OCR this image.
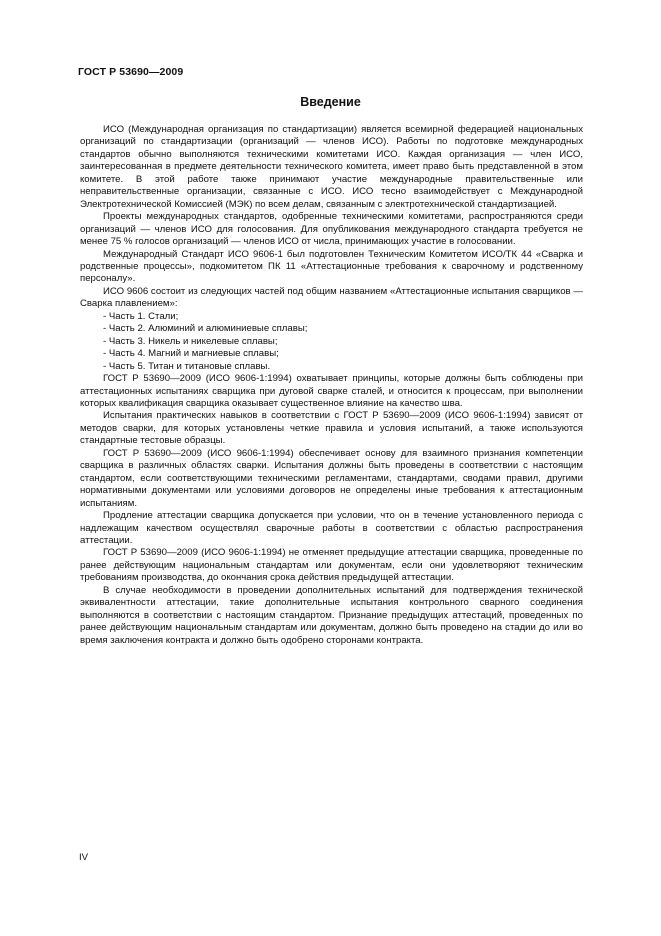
ГОСТ Р 53690—2009
Введение

ИСО (Международная организация по стандартизации) является всемирной федерацией национальных организаций по стандартизации (организаций — членов ИСО). Работы по подготовке международных стандартов обычно выполняются техническими комитетами ИСО. Каждая организация — член ИСО, заинтересованная в предмете деятельности технического комитета, имеет право быть представленной в этом комитете. В этой работе также принимают участие международные правительственные или неправительственные организации, связанные с ИСО. ИСО тесно взаимодействует с Международной Электротехнической Комиссией (МЭК) по всем делам, связанным с электротехнической стандартизацией.

Проекты международных стандартов, одобренные техническими комитетами, распространяются среди организаций — членов ИСО для голосования. Для опубликования международного стандарта требуется не менее 75 % голосов организаций — членов ИСО от числа, принимающих участие в голосовании.

Международный Стандарт ИСО 9606-1 был подготовлен Техническим Комитетом ИСО/ТК 44 «Сварка и родственные процессы», подкомитетом ПК 11 «Аттестационные требования к сварочному и родственному персоналу».

ИСО 9606 состоит из следующих частей под общим названием «Аттестационные испытания сварщиков — Сварка плавлением»:

- Часть 1. Стали;
- Часть 2. Алюминий и алюминиевые сплавы;
- Часть 3. Никель и никелевые сплавы;
- Часть 4. Магний и магниевые сплавы;
- Часть 5. Титан и титановые сплавы.

ГОСТ Р 53690—2009 (ИСО 9606-1:1994) охватывает принципы, которые должны быть соблюдены при аттестационных испытаниях сварщика при дуговой сварке сталей, и относится к процессам, при выполнении которых квалификация сварщика оказывает существенное влияние на качество шва.

Испытания практических навыков в соответствии с ГОСТ Р 53690—2009 (ИСО 9606-1:1994) зависят от методов сварки, для которых установлены четкие правила и условия испытаний, а также используются стандартные тестовые образцы.

ГОСТ Р 53690—2009 (ИСО 9606-1:1994) обеспечивает основу для взаимного признания компетенции сварщика в различных областях сварки. Испытания должны быть проведены в соответствии с настоящим стандартом, если соответствующими техническими регламентами, стандартами, сводами правил, другими нормативными документами или условиями договоров не определены иные требования к аттестационным испытаниям.

Продление аттестации сварщика допускается при условии, что он в течение установленного периода с надлежащим качеством осуществлял сварочные работы в соответствии с областью распространения аттестации.

ГОСТ Р 53690—2009 (ИСО 9606-1:1994) не отменяет предыдущие аттестации сварщика, проведенные по ранее действующим национальным стандартам или документам, если они удовлетворяют техническим требованиям производства, до окончания срока действия предыдущей аттестации.

В случае необходимости в проведении дополнительных испытаний для подтверждения технической эквивалентности аттестации, такие дополнительные испытания контрольного сварного соединения выполняются в соответствии с настоящим стандартом. Признание предыдущих аттестаций, проведенных по ранее действующим национальным стандартам или документам, должно быть проведено на стадии до или во время заключения контракта и должно быть одобрено сторонами контракта.

IV
